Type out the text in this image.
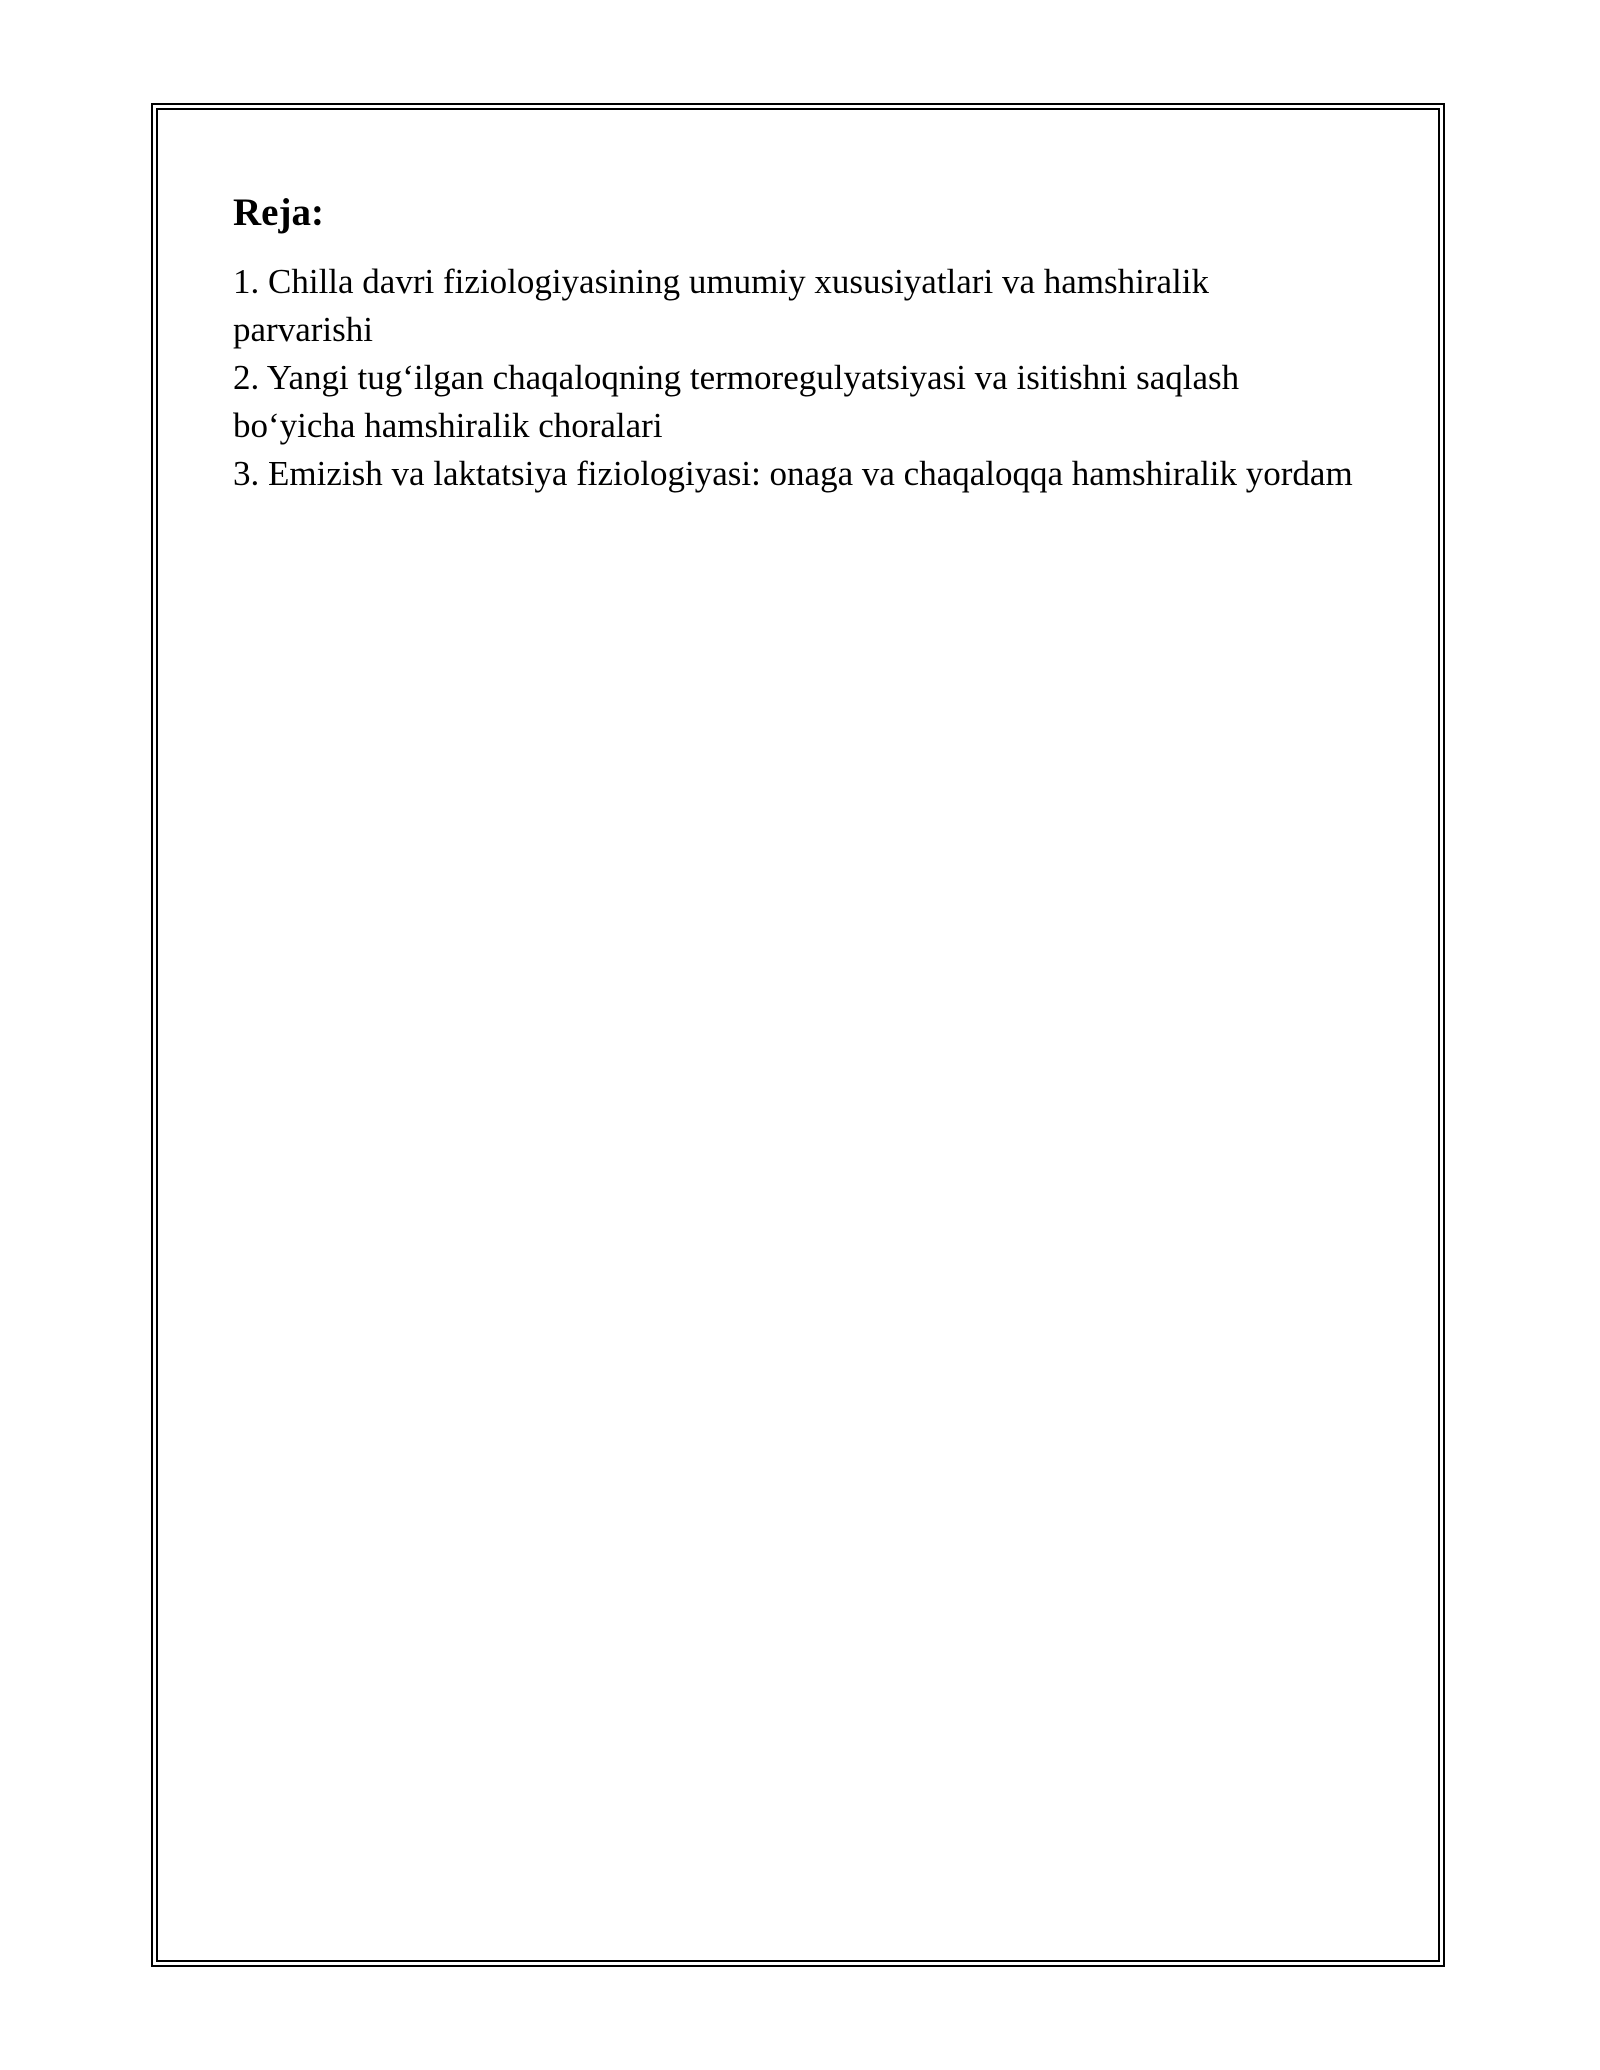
Reja:
1. Chilla davri fiziologiyasining umumiy xususiyatlari va hamshiralik parvarishi
2. Yangi tug‘ilgan chaqaloqning termoregulyatsiyasi va isitishni saqlash bo‘yicha hamshiralik choralari
3. Emizish va laktatsiya fiziologiyasi: onaga va chaqaloqqa hamshiralik yordam
